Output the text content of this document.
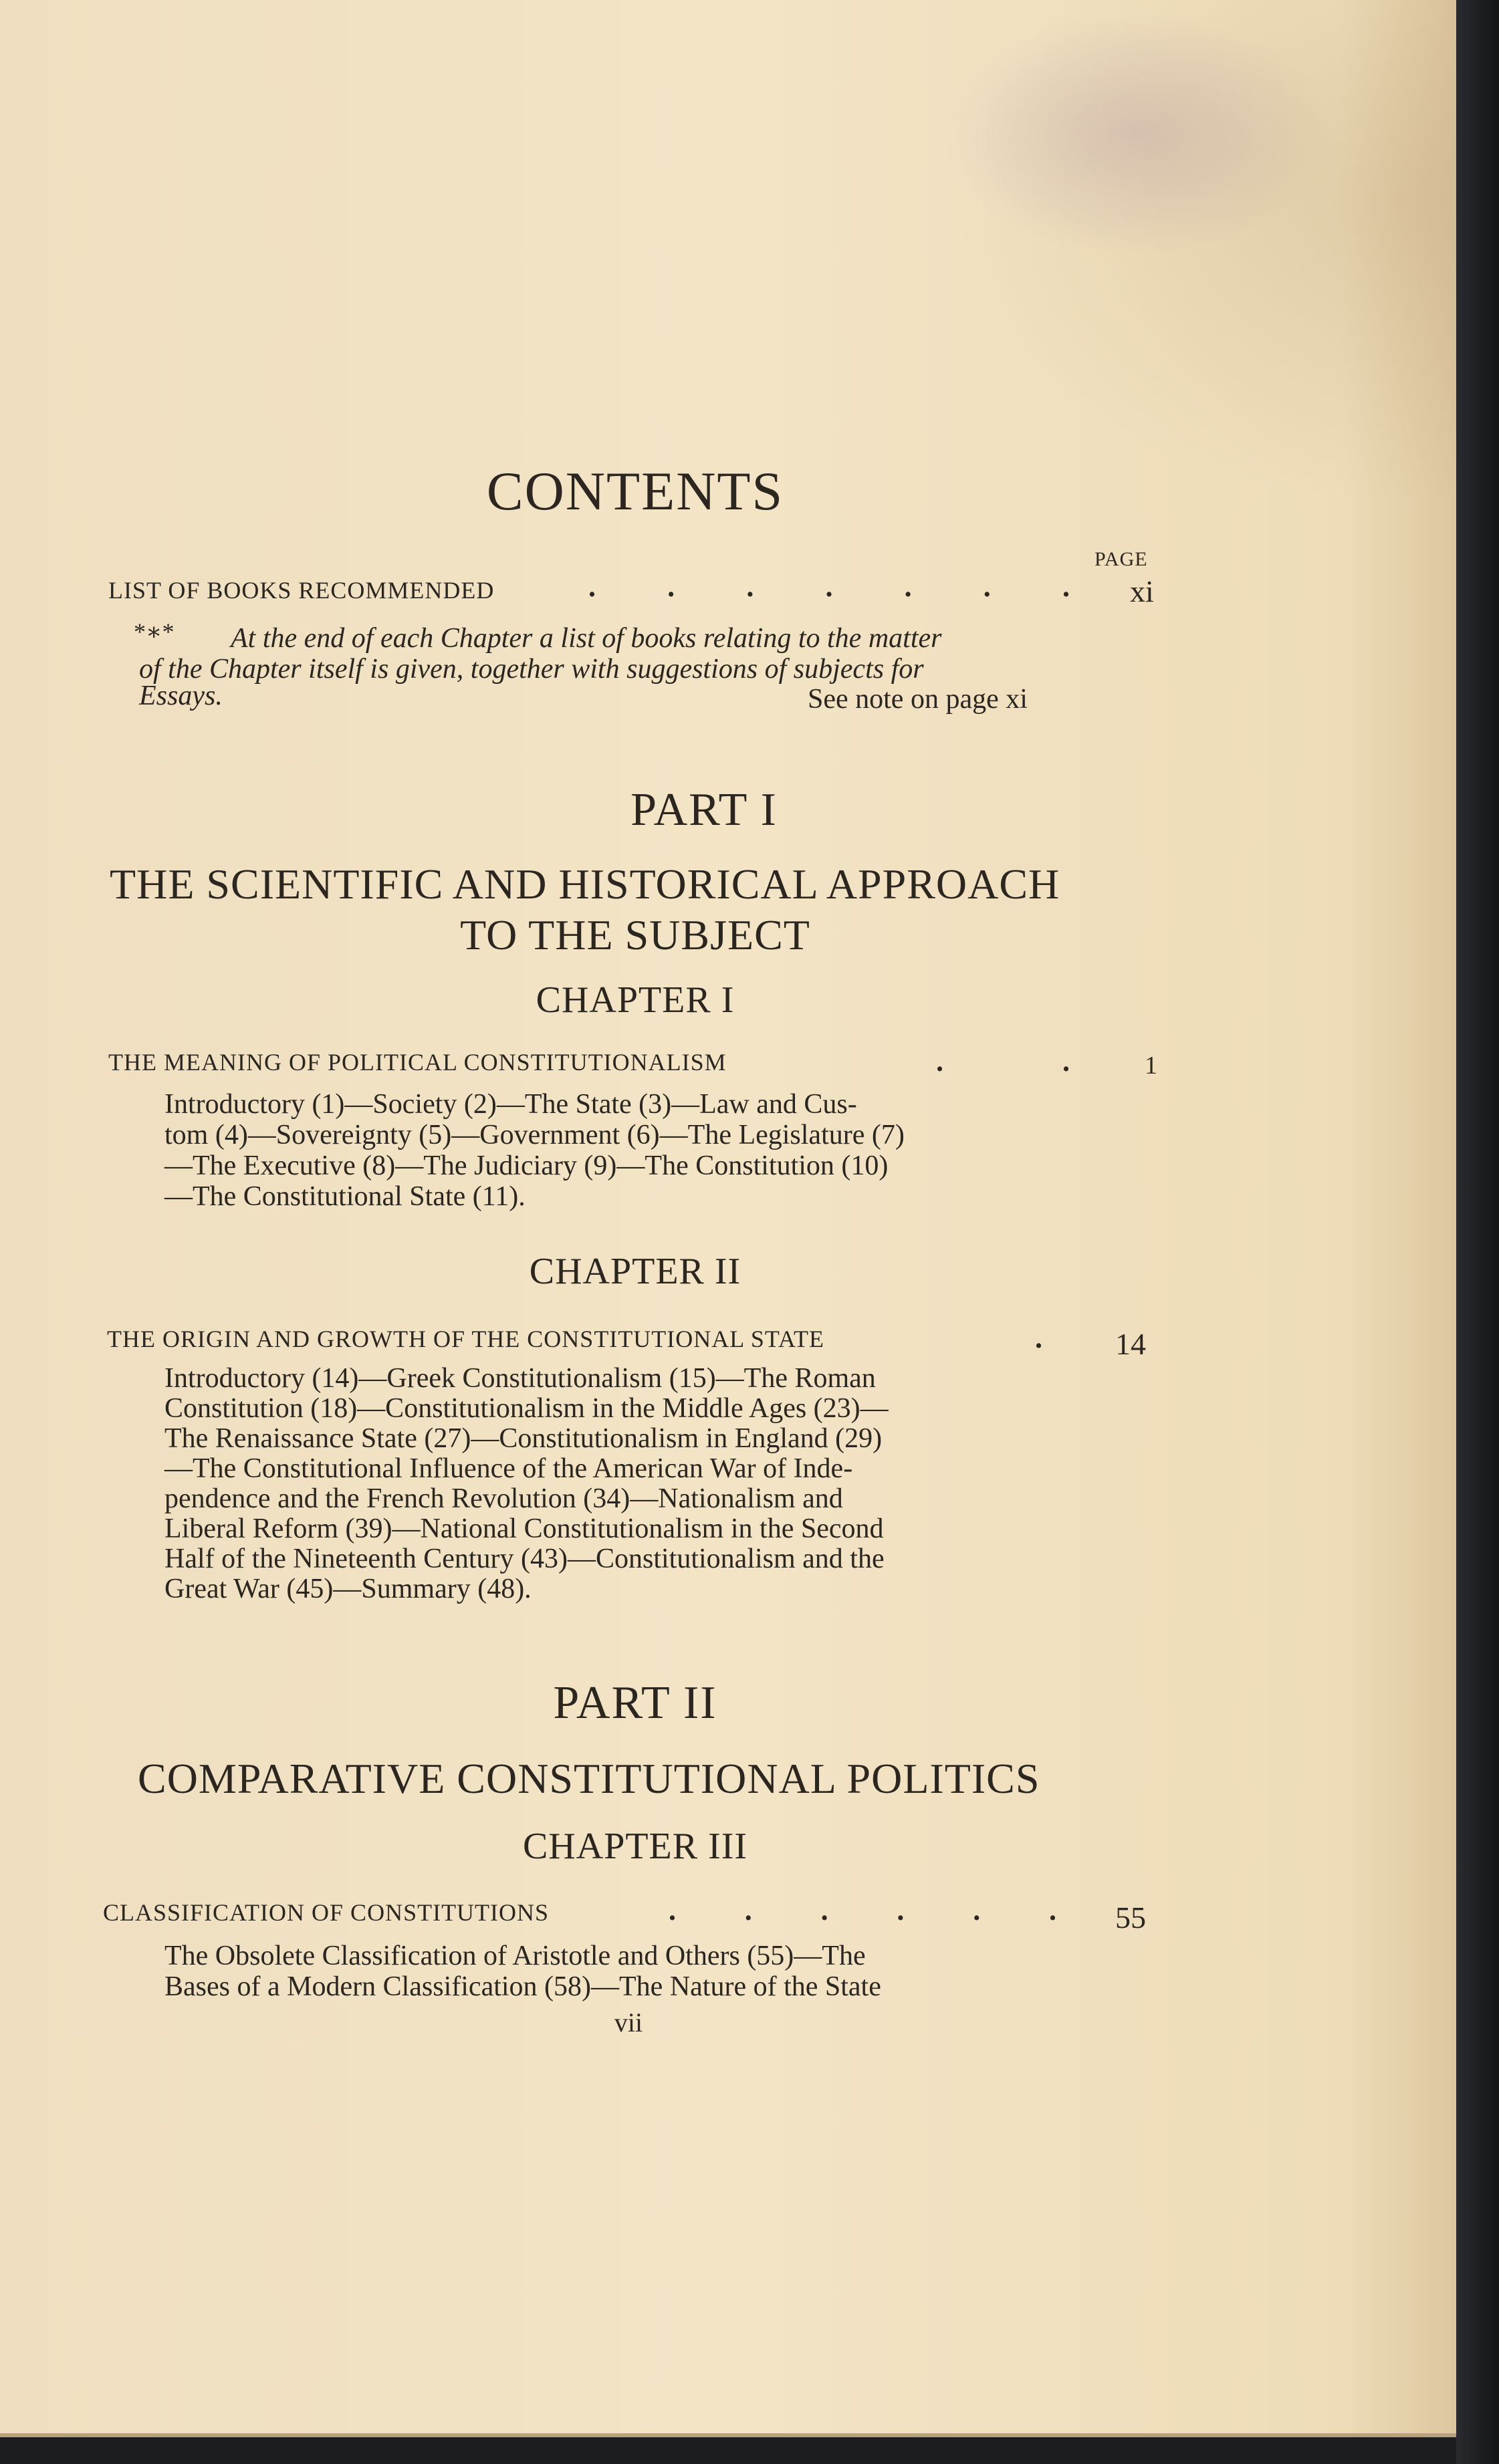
CONTENTS
PAGE
LIST OF BOOKS RECOMMENDED	. . . . . . . xi
*∗* At the end of each Chapter a list of books relating to the matter
of the Chapter itself is given, together with suggestions of subjects for
Essays.	See note on page xi
PART I
THE SCIENTIFIC AND HISTORICAL APPROACH
TO THE SUBJECT
CHAPTER I
THE MEANING OF POLITICAL CONSTITUTIONALISM	.	.	1
Introductory (1)—Society (2)—The State (3)—Law and Cus-
tom (4)—Sovereignty (5)—Government (6)—The Legislature (7)
—The Executive (8)—The Judiciary (9)—The Constitution (10)
—The Constitutional State (11).
CHAPTER II
THE ORIGIN AND GROWTH OF THE CONSTITUTIONAL STATE	. 14
Introductory (14)—Greek Constitutionalism (15)—The Roman
Constitution (18)—Constitutionalism in the Middle Ages (23)—
The Renaissance State (27)—Constitutionalism in England (29)
—The Constitutional Influence of the American War of Inde-
pendence and the French Revolution (34)—Nationalism and
Liberal Reform (39)—National Constitutionalism in the Second
Half of the Nineteenth Century (43)—Constitutionalism and the
Great War (45)—Summary (48).
PART II
COMPARATIVE CONSTITUTIONAL POLITICS
CHAPTER III
CLASSIFICATION OF CONSTITUTIONS	. . . . . . 55
The Obsolete Classification of Aristotle and Others (55)—The
Bases of a Modern Classification (58)—The Nature of the State
vii
